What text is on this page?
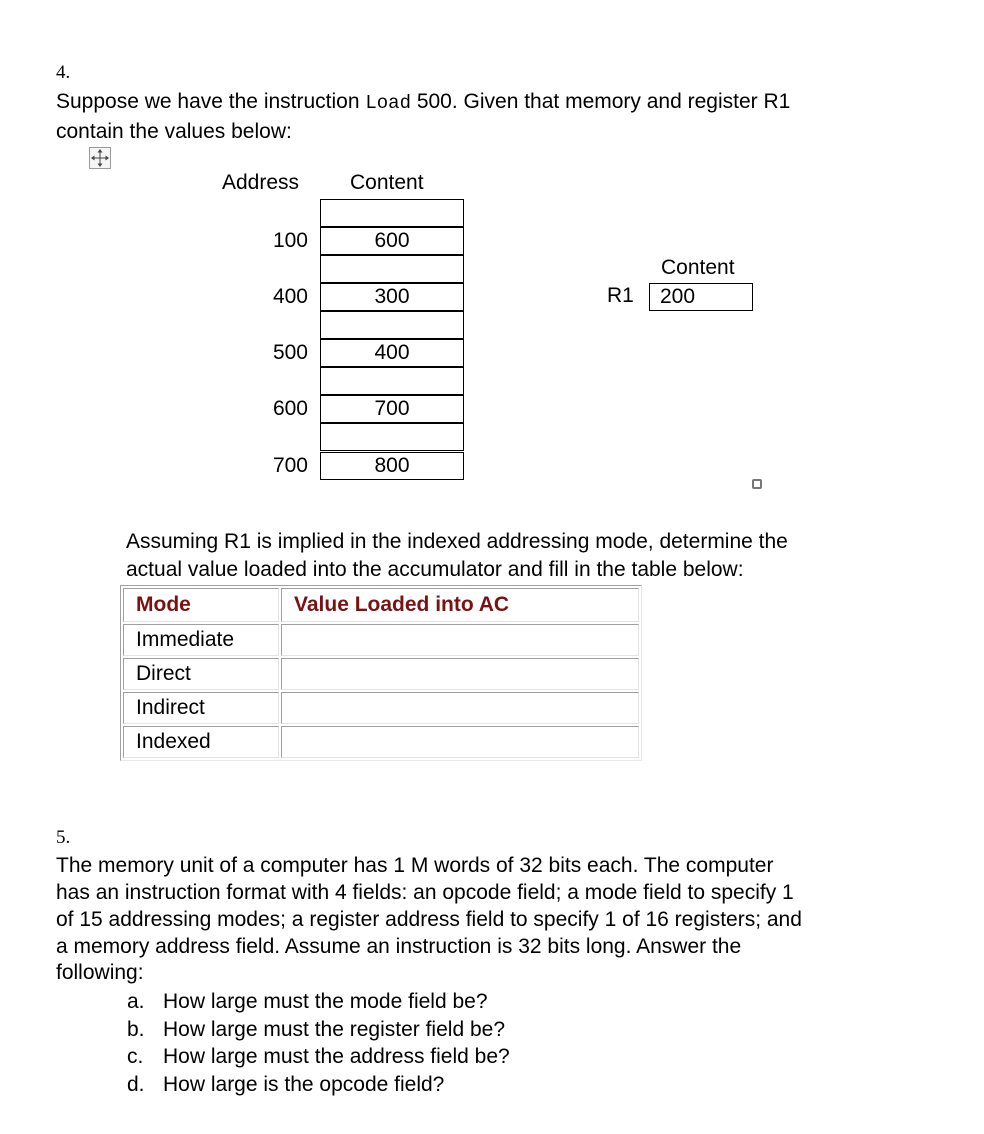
4.
Suppose we have the instruction Load 500. Given that memory and register R1
contain the values below:
Address Content
100	600
400	300
500	400
600	700
700	800
Content
R1	200
Assuming R1 is implied in the indexed addressing mode, determine the
actual value loaded into the accumulator and fill in the table below:
Mode	Value Loaded into AC
Immediate	
Direct	
Indirect	
Indexed	
5.
The memory unit of a computer has 1 M words of 32 bits each. The computer
has an instruction format with 4 fields: an opcode field; a mode field to specify 1
of 15 addressing modes; a register address field to specify 1 of 16 registers; and
a memory address field. Assume an instruction is 32 bits long. Answer the
following:
a. How large must the mode field be?
b. How large must the register field be?
c. How large must the address field be?
d. How large is the opcode field?
